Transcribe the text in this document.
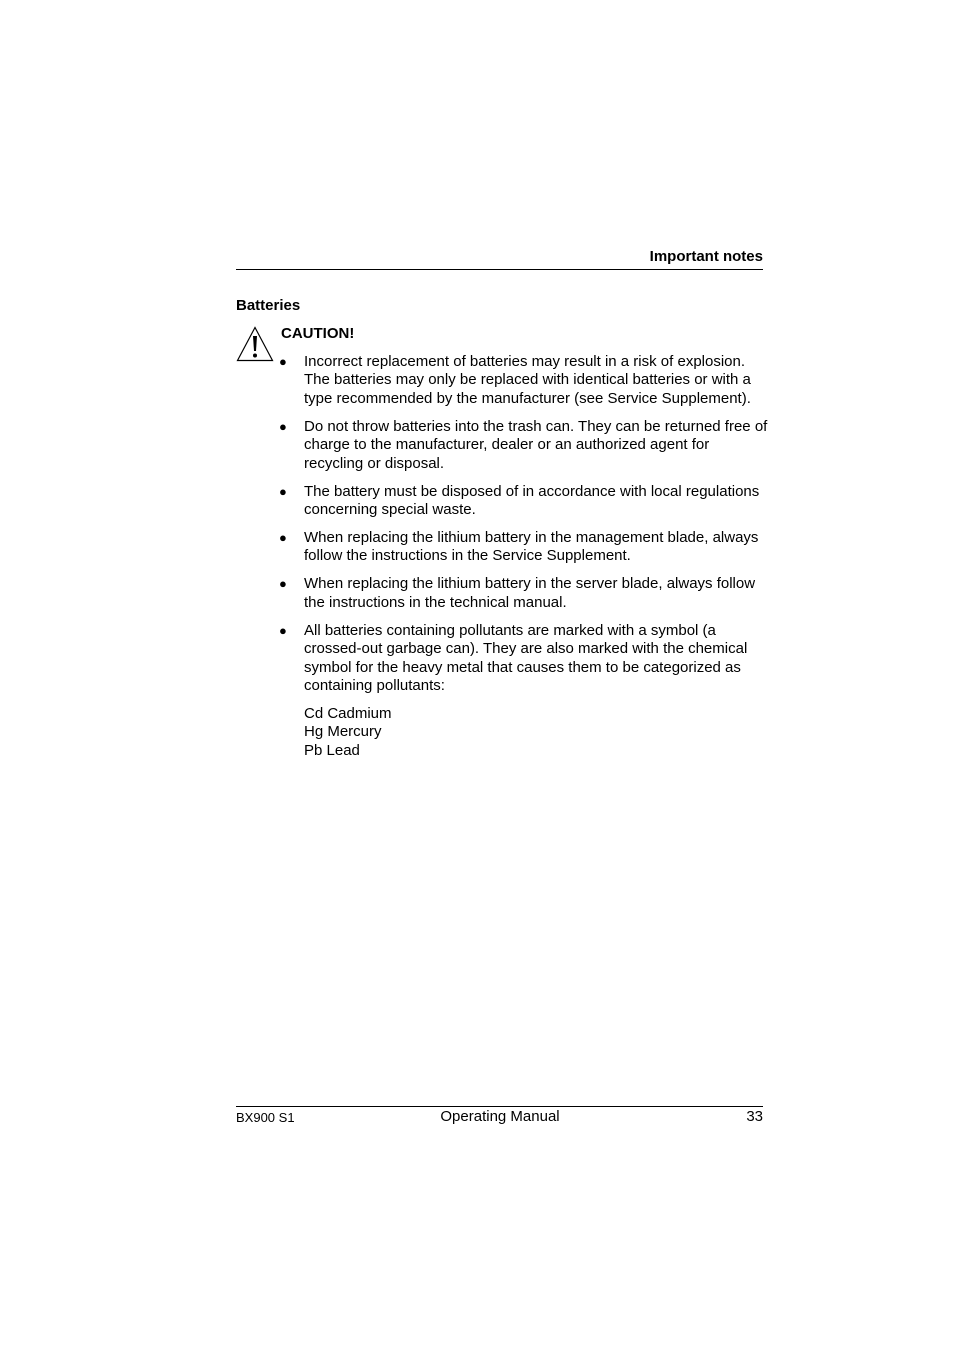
Important notes
Batteries
CAUTION!
● Incorrect replacement of batteries may result in a risk of explosion. The batteries may only be replaced with identical batteries or with a type recommended by the manufacturer (see Service Supplement).
● Do not throw batteries into the trash can. They can be returned free of charge to the manufacturer, dealer or an authorized agent for recycling or disposal.
● The battery must be disposed of in accordance with local regulations concerning special waste.
● When replacing the lithium battery in the management blade, always follow the instructions in the Service Supplement.
● When replacing the lithium battery in the server blade, always follow the instructions in the technical manual.
● All batteries containing pollutants are marked with a symbol (a crossed-out garbage can). They are also marked with the chemical symbol for the heavy metal that causes them to be categorized as containing pollutants:
Cd Cadmium
Hg Mercury
Pb Lead
BX900 S1	Operating Manual	33
